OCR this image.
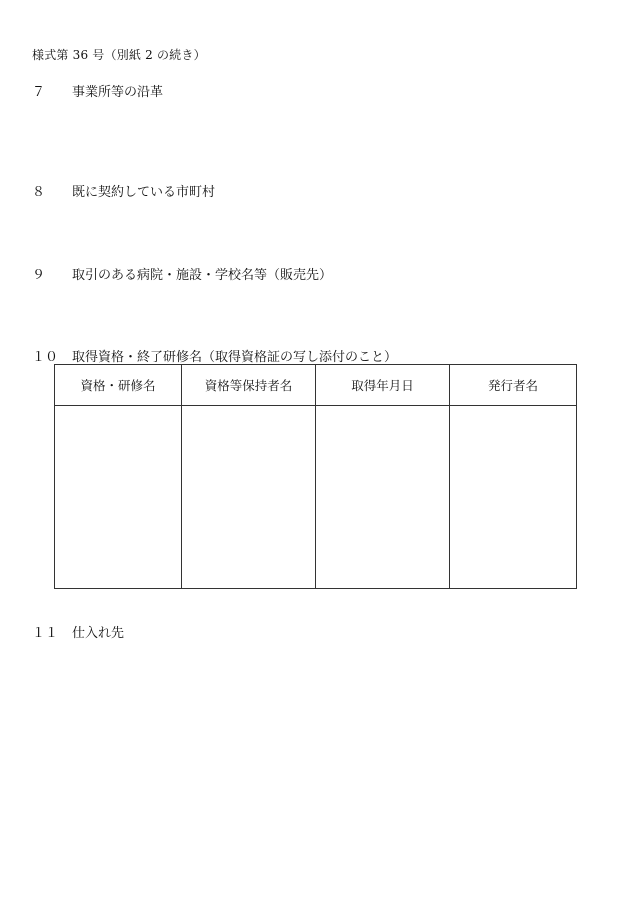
様式第 36 号（別紙 2 の続き）
７ 事業所等の沿革
８ 既に契約している市町村
９ 取引のある病院・施設・学校名等（販売先）
１０ 取得資格・終了研修名（取得資格証の写し添付のこと）
資格・研修名	資格等保持者名	取得年月日	発行者名

１１ 仕入れ先
